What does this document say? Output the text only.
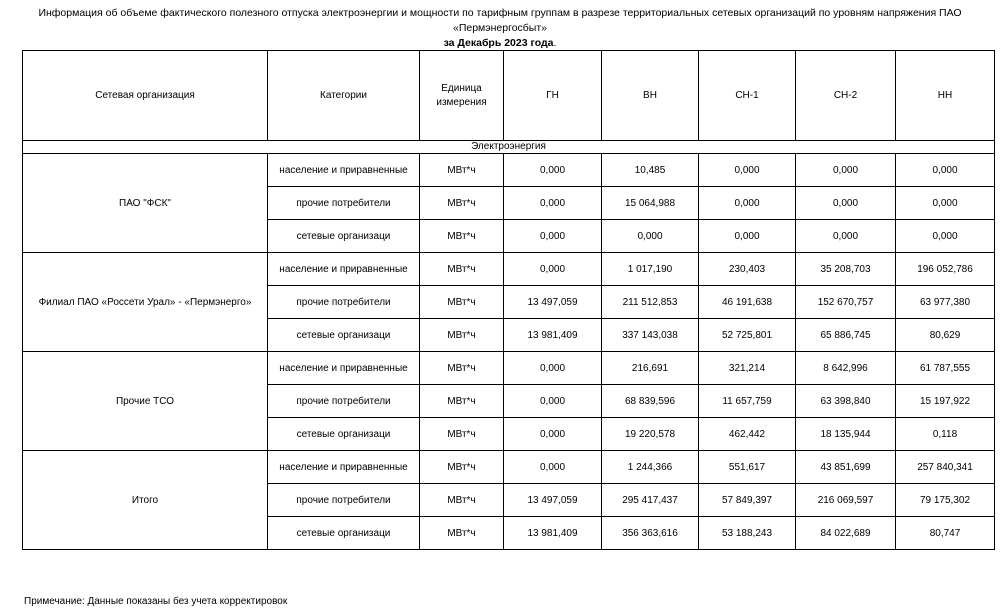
Информация об объеме фактического полезного отпуска электроэнергии и мощности по тарифным группам в разрезе территориальных сетевых организаций по уровням напряжения ПАО «Пермэнергосбыт»
за Декабрь 2023 года.
Сетевая организация	Категории	Единица измерения	ГН	ВН	СН-1	СН-2	НН
Электроэнергия							
ПАО "ФСК"	население и приравненные	МВт*ч	0,000	10,485	0,000	0,000	0,000
	прочие потребители	МВт*ч	0,000	15 064,988	0,000	0,000	0,000
	сетевые организаци	МВт*ч	0,000	0,000	0,000	0,000	0,000
Филиал ПАО «Россети Урал» - «Пермэнерго»	население и приравненные	МВт*ч	0,000	1 017,190	230,403	35 208,703	196 052,786
	прочие потребители	МВт*ч	13 497,059	211 512,853	46 191,638	152 670,757	63 977,380
	сетевые организаци	МВт*ч	13 981,409	337 143,038	52 725,801	65 886,745	80,629
Прочие ТСО	население и приравненные	МВт*ч	0,000	216,691	321,214	8 642,996	61 787,555
	прочие потребители	МВт*ч	0,000	68 839,596	11 657,759	63 398,840	15 197,922
	сетевые организаци	МВт*ч	0,000	19 220,578	462,442	18 135,944	0,118
Итого	население и приравненные	МВт*ч	0,000	1 244,366	551,617	43 851,699	257 840,341
	прочие потребители	МВт*ч	13 497,059	295 417,437	57 849,397	216 069,597	79 175,302
	сетевые организаци	МВт*ч	13 981,409	356 363,616	53 188,243	84 022,689	80,747
Примечание: Данные показаны без учета корректировок
